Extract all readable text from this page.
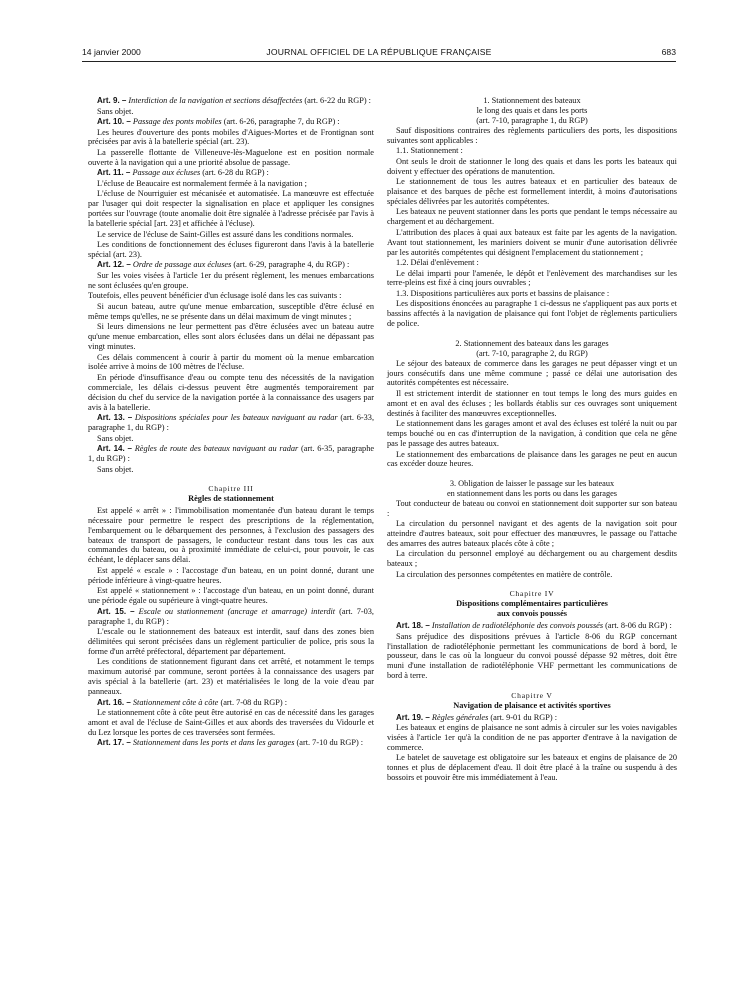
14 janvier 2000	JOURNAL OFFICIEL DE LA RÉPUBLIQUE FRANÇAISE	683

Art. 9. – Interdiction de la navigation et sections désaffectées (art. 6-22 du RGP) :

Sans objet.

Art. 10. – Passage des ponts mobiles (art. 6-26, paragraphe 7, du RGP) :

Les heures d'ouverture des ponts mobiles d'Aigues-Mortes et de Frontignan sont précisées par avis à la batellerie spécial (art. 23).

La passerelle flottante de Villeneuve-lès-Maguelone est en position normale ouverte à la navigation qui a une priorité absolue de passage.

Art. 11. – Passage aux écluses (art. 6-28 du RGP) :

L'écluse de Beaucaire est normalement fermée à la navigation ;

L'écluse de Nourriguier est mécanisée et automatisée. La manœuvre est effectuée par l'usager qui doit respecter la signalisation en place et appliquer les consignes portées sur l'ouvrage (toute anomalie doit être signalée à l'adresse précisée par l'avis à la batellerie spécial [art. 23] et affichée à l'écluse).

Le service de l'écluse de Saint-Gilles est assuré dans les conditions normales.

Les conditions de fonctionnement des écluses figureront dans l'avis à la batellerie spécial (art. 23).

Art. 12. – Ordre de passage aux écluses (art. 6-29, paragraphe 4, du RGP) :

Sur les voies visées à l'article 1er du présent règlement, les menues embarcations ne sont éclusées qu'en groupe.

Toutefois, elles peuvent bénéficier d'un éclusage isolé dans les cas suivants :

Si aucun bateau, autre qu'une menue embarcation, susceptible d'être éclusé en même temps qu'elles, ne se présente dans un délai maximum de vingt minutes ;

Si leurs dimensions ne leur permettent pas d'être éclusées avec un bateau autre qu'une menue embarcation, elles sont alors éclusées dans un délai ne dépassant pas vingt minutes.

Ces délais commencent à courir à partir du moment où la menue embarcation isolée arrive à moins de 100 mètres de l'écluse.

En période d'insuffisance d'eau ou compte tenu des nécessités de la navigation commerciale, les délais ci-dessus peuvent être augmentés temporairement par décision du chef du service de la navigation portée à la connaissance des usagers par avis à la batellerie.

Art. 13. – Dispositions spéciales pour les bateaux naviguant au radar (art. 6-33, paragraphe 1, du RGP) :

Sans objet.

Art. 14. – Règles de route des bateaux naviguant au radar (art. 6-35, paragraphe 1, du RGP) :

Sans objet.

Chapitre III

Règles de stationnement

Est appelé « arrêt » : l'immobilisation momentanée d'un bateau durant le temps nécessaire pour permettre le respect des prescriptions de la réglementation, l'embarquement ou le débarquement des personnes, à l'exclusion des passagers des bateaux de transport de passagers, le conducteur restant dans tous les cas aux commandes du bateau, ou à proximité immédiate de celui-ci, pour pouvoir, le cas échéant, le déplacer sans délai.

Est appelé « escale » : l'accostage d'un bateau, en un point donné, durant une période inférieure à vingt-quatre heures.

Est appelé « stationnement » : l'accostage d'un bateau, en un point donné, durant une période égale ou supérieure à vingt-quatre heures.

Art. 15. – Escale ou stationnement (ancrage et amarrage) interdit (art. 7-03, paragraphe 1, du RGP) :

L'escale ou le stationnement des bateaux est interdit, sauf dans des zones bien délimitées qui seront précisées dans un règlement particulier de police, pris sous la forme d'un arrêté préfectoral, département par département.

Les conditions de stationnement figurant dans cet arrêté, et notamment le temps maximum autorisé par commune, seront portées à la connaissance des usagers par avis spécial à la batellerie (art. 23) et matérialisées le long de la voie d'eau par panneaux.

Art. 16. – Stationnement côte à côte (art. 7-08 du RGP) :

Le stationnement côte à côte peut être autorisé en cas de nécessité dans les garages amont et aval de l'écluse de Saint-Gilles et aux abords des traversées du Vidourle et du Lez lorsque les portes de ces traversées sont fermées.

Art. 17. – Stationnement dans les ports et dans les garages (art. 7-10 du RGP) :

1. Stationnement des bateaux

le long des quais et dans les ports

(art. 7-10, paragraphe 1, du RGP)

Sauf dispositions contraires des règlements particuliers des ports, les dispositions suivantes sont applicables :

1.1. Stationnement :

Ont seuls le droit de stationner le long des quais et dans les ports les bateaux qui doivent y effectuer des opérations de manutention.

Le stationnement de tous les autres bateaux et en particulier des bateaux de plaisance et des barques de pêche est formellement interdit, à moins d'autorisations spéciales délivrées par les autorités compétentes.

Les bateaux ne peuvent stationner dans les ports que pendant le temps nécessaire au chargement et au déchargement.

L'attribution des places à quai aux bateaux est faite par les agents de la navigation. Avant tout stationnement, les mariniers doivent se munir d'une autorisation délivrée par les autorités compétentes qui désignent l'emplacement du stationnement ;

1.2. Délai d'enlèvement :

Le délai imparti pour l'amenée, le dépôt et l'enlèvement des marchandises sur les terre-pleins est fixé à cinq jours ouvrables ;

1.3. Dispositions particulières aux ports et bassins de plaisance :

Les dispositions énoncées au paragraphe 1 ci-dessus ne s'appliquent pas aux ports et bassins affectés à la navigation de plaisance qui font l'objet de règlements particuliers de police.

2. Stationnement des bateaux dans les garages

(art. 7-10, paragraphe 2, du RGP)

Le séjour des bateaux de commerce dans les garages ne peut dépasser vingt et un jours consécutifs dans une même commune ; passé ce délai une autorisation des autorités compétentes est nécessaire.

Il est strictement interdit de stationner en tout temps le long des murs guides en amont et en aval des écluses ; les bollards établis sur ces ouvrages sont uniquement destinés à faciliter des manœuvres exceptionnelles.

Le stationnement dans les garages amont et aval des écluses est toléré la nuit ou par temps bouché ou en cas d'interruption de la navigation, à condition que cela ne gêne pas le passage des autres bateaux.

Le stationnement des embarcations de plaisance dans les garages ne peut en aucun cas excéder douze heures.

3. Obligation de laisser le passage sur les bateaux

en stationnement dans les ports ou dans les garages

Tout conducteur de bateau ou convoi en stationnement doit supporter sur son bateau :

La circulation du personnel navigant et des agents de la navigation soit pour atteindre d'autres bateaux, soit pour effectuer des manœuvres, le passage ou l'attache des amarres des autres bateaux placés côte à côte ;

La circulation du personnel employé au déchargement ou au chargement desdits bateaux ;

La circulation des personnes compétentes en matière de contrôle.

Chapitre IV

Dispositions complémentaires particulières

aux convois poussés

Art. 18. – Installation de radiotéléphonie des convois poussés (art. 8-06 du RGP) :

Sans préjudice des dispositions prévues à l'article 8-06 du RGP concernant l'installation de radiotéléphonie permettant les communications de bord à bord, le pousseur, dans le cas où la longueur du convoi poussé dépasse 92 mètres, doit être muni d'une installation de radiotéléphonie VHF permettant les communications de bord à terre.

Chapitre V

Navigation de plaisance et activités sportives

Art. 19. – Règles générales (art. 9-01 du RGP) :

Les bateaux et engins de plaisance ne sont admis à circuler sur les voies navigables visées à l'article 1er qu'à la condition de ne pas apporter d'entrave à la navigation de commerce.

Le batelet de sauvetage est obligatoire sur les bateaux et engins de plaisance de 20 tonnes et plus de déplacement d'eau. Il doit être placé à la traîne ou suspendu à des bossoirs et pouvoir être mis immédiatement à l'eau.
